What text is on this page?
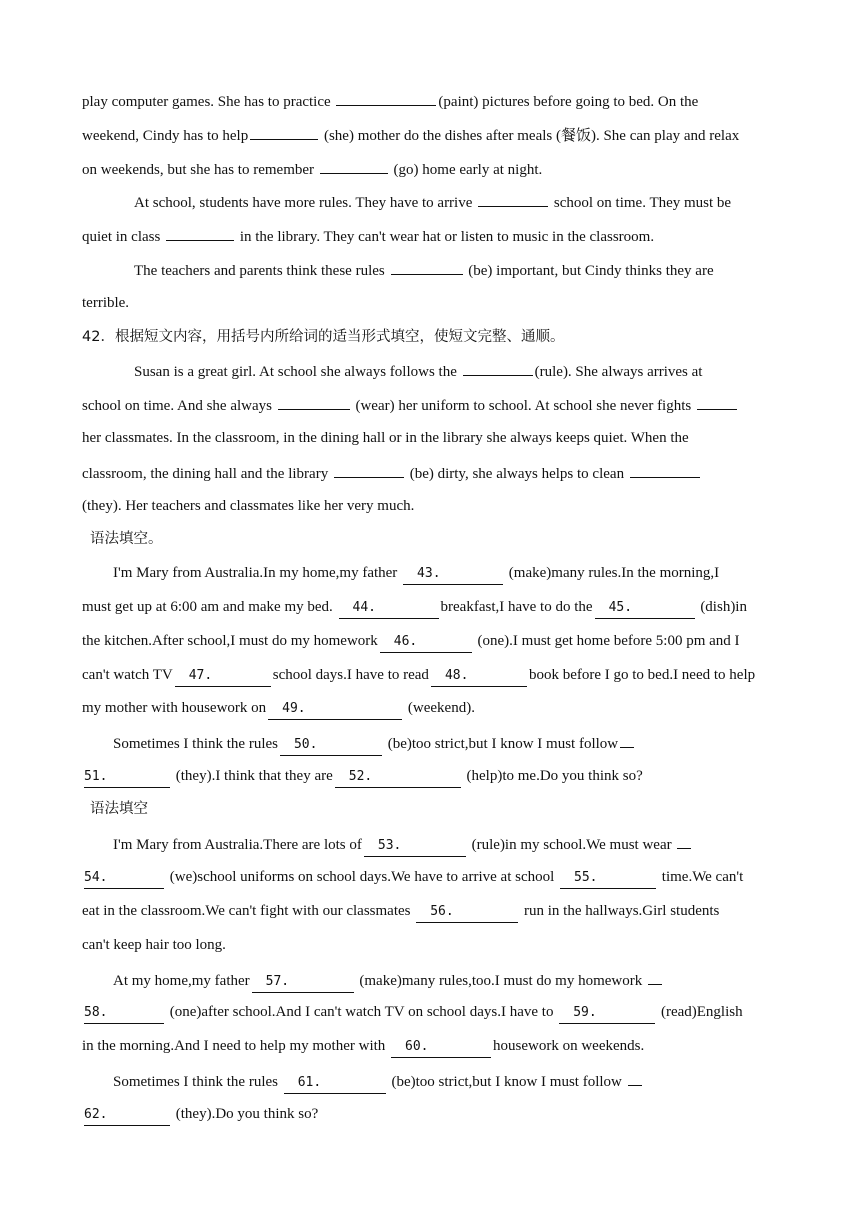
play computer games. She has to practice	(paint) pictures before going to bed. On the
weekend, Cindy has to help	(she) mother do the dishes after meals (餐饭). She can play and relax
on weekends, but she has to remember	(go) home early at night.
At school, students have more rules. They have to arrive	school on time. They must be
quiet in class	in the library. They can't wear hat or listen to music in the classroom.
The teachers and parents think these rules	(be) important, but Cindy thinks they are
terrible.
42．根据短文内容，用括号内所给词的适当形式填空，使短文完整、通顺。
Susan is a great girl. At school she always follows the	(rule). She always arrives at
school on time. And she always	(wear) her uniform to school. At school she never fights
her classmates. In the classroom, in the dining hall or in the library she always keeps quiet. When the
classroom, the dining hall and the library	(be) dirty, she always helps to clean
(they). Her teachers and classmates like her very much.
语法填空。
I'm Mary from Australia.In my home,my father 43.	(make)many rules.In the morning,I
must get up at 6:00 am and make my bed. 44.	breakfast,I have to do the 45.	(dish)in
the kitchen.After school,I must do my homework 46.	(one).I must get home before 5:00 pm and I
can't watch TV 47.	school days.I have to read 48.	book before I go to bed.I need to help
my mother with housework on 49.	(weekend).
Sometimes I think the rules 50.	(be)too strict,but I know I must follow
51.	(they).I think that they are 52.	(help)to me.Do you think so?
语法填空
I'm Mary from Australia.There are lots of 53.	(rule)in my school.We must wear
54.	(we)school uniforms on school days.We have to arrive at school 55.	time.We can't
eat in the classroom.We can't fight with our classmates 56.	run in the hallways.Girl students
can't keep hair too long.
At my home,my father 57.	(make)many rules,too.I must do my homework
58.	(one)after school.And I can't watch TV on school days.I have to 59.	(read)English
in the morning.And I need to help my mother with 60.	housework on weekends.
Sometimes I think the rules 61.	(be)too strict,but I know I must follow
62.	(they).Do you think so?
